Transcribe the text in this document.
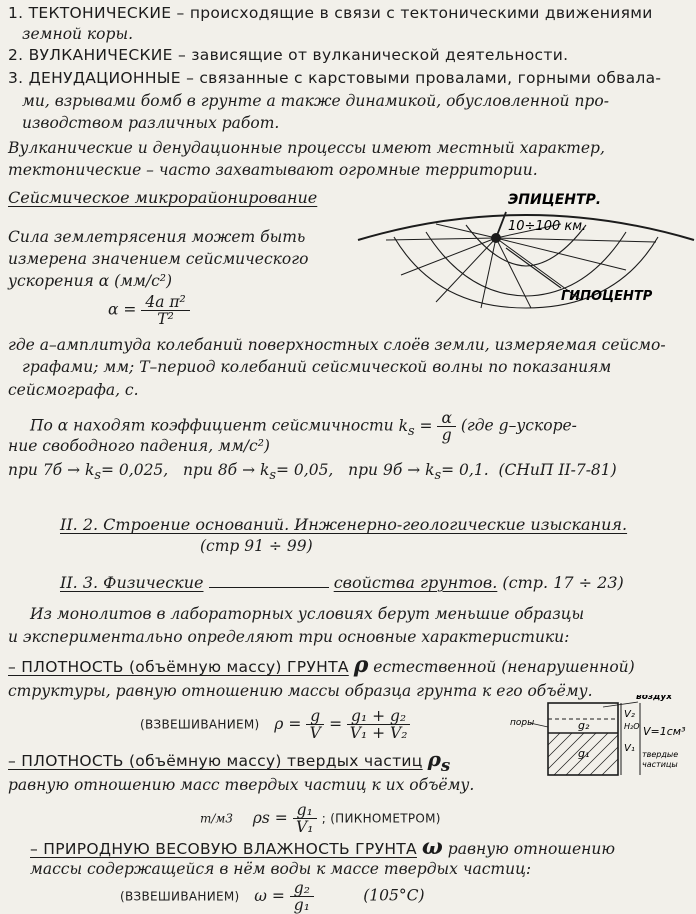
1. ТЕКТОНИЧЕСКИЕ – происходящие в связи с тектоническими движениями
земной коры.
2. ВУЛКАНИЧЕСКИЕ – зависящие от вулканической деятельности.
3. ДЕНУДАЦИОННЫЕ – связанные с карстовыми провалами, горными обвала-
ми, взрывами бомб в грунте а также динамикой, обусловленной про-
изводством различных работ.
Вулканические и денудационные процессы имеют местный характер,
тектонические – часто захватывают огромные территории.
Сейсмическое микрорайонирование	ЭПИЦЕНТР.
10÷100 км.
ГИПОЦЕНТР
Сила землетрясения может быть
измерена значением сейсмического
ускорения α (мм/с²)
$\alpha = \frac{\text{4a π²}}{\text{T²}}$
где а–амплитуда колебаний поверхностных слоёв земли, измеряемая сейсмо-
графами; мм; T–период колебаний сейсмической волны по показаниям
сейсмографа, с.
По α находят коэффициент сейсмичности $k_s = \frac{\alpha}{g} (где$ g–ускоре-
ние свободного падения, мм/с²)
при $7б \to k_s= 0,025$, при $8б \to k_s= 0,05$, при $9б \to k_s= 0,1$. (СНиП II-7-81)
II. 2. Строение оснований. Инженерно-геологические изыскания.
(стр 91 ÷ 99)
II. 3. Физические	свойства грунтов. (стр. 17 ÷ 23)
Из монолитов в лабораторных условиях берут меньшие образцы
и экспериментально определяют три основные характеристики:
– ПЛОТНОСТЬ (объёмную массу) ГРУНТА ρ естественной (ненарушенной)
структуры, равную отношению массы образца грунта к его объёму.
(ВЗВЕШИВАНИЕМ) $\rho = \frac{g}{V} = \frac{\text{g₁ + g₂}}{\text{V₁ + V₂}}$
– ПЛОТНОСТЬ (объёмную массу) твердых частиц $\rho_s$
равную отношению масс твердых частиц к их объёму.
т/м3 $\rho s = \frac{\text{g₁}}{\text{V₁}}$ ; (ПИКНОМЕТРОМ)
поры
воздух
g₂
g₁
V₂
H₂O
V₁
V=1см³
твердые
частицы
– ПРИРОДНУЮ ВЕСОВУЮ ВЛАЖНОСТЬ ГРУНТА ω равную отношению
массы содержащейся в нём воды к массе твердых частиц:
(ВЗВЕШИВАНИЕМ) $\omega = \frac{\text{g₂}}{\text{g₁}}$	(105°С)
